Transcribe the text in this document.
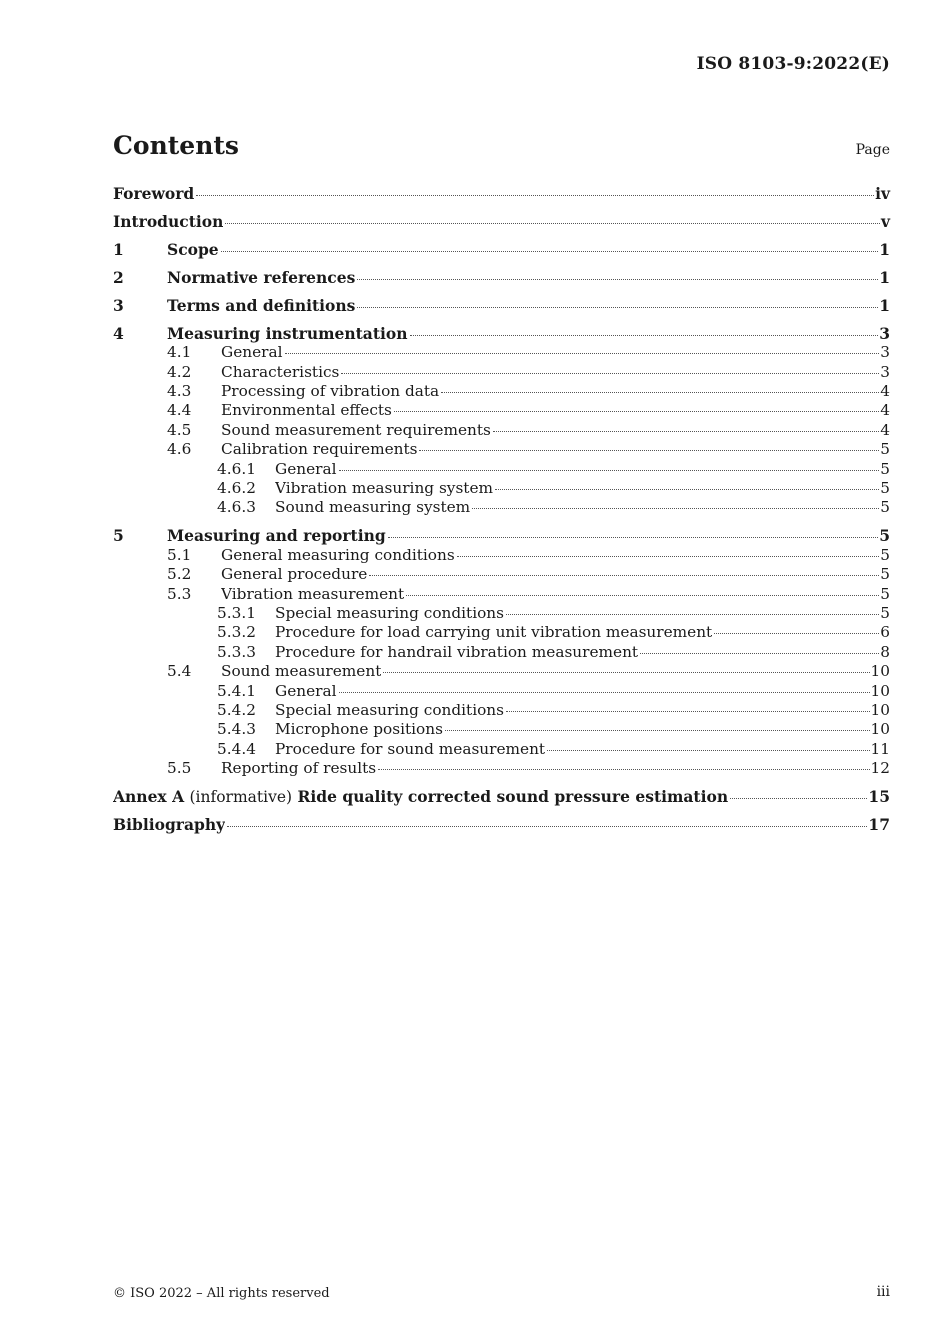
ISO 8103-9:2022(E)
Contents	Page
Foreword	iv
Introduction	v
1	Scope	1
2	Normative references	1
3	Terms and definitions	1
4	Measuring instrumentation	3
4.1	General	3
4.2	Characteristics	3
4.3	Processing of vibration data	4
4.4	Environmental effects	4
4.5	Sound measurement requirements	4
4.6	Calibration requirements	5
4.6.1	General	5
4.6.2	Vibration measuring system	5
4.6.3	Sound measuring system	5
5	Measuring and reporting	5
5.1	General measuring conditions	5
5.2	General procedure	5
5.3	Vibration measurement	5
5.3.1	Special measuring conditions	5
5.3.2	Procedure for load carrying unit vibration measurement	6
5.3.3	Procedure for handrail vibration measurement	8
5.4	Sound measurement	10
5.4.1	General	10
5.4.2	Special measuring conditions	10
5.4.3	Microphone positions	10
5.4.4	Procedure for sound measurement	11
5.5	Reporting of results	12
Annex A (informative) Ride quality corrected sound pressure estimation	15
Bibliography	17
© ISO 2022 – All rights reserved	iii
